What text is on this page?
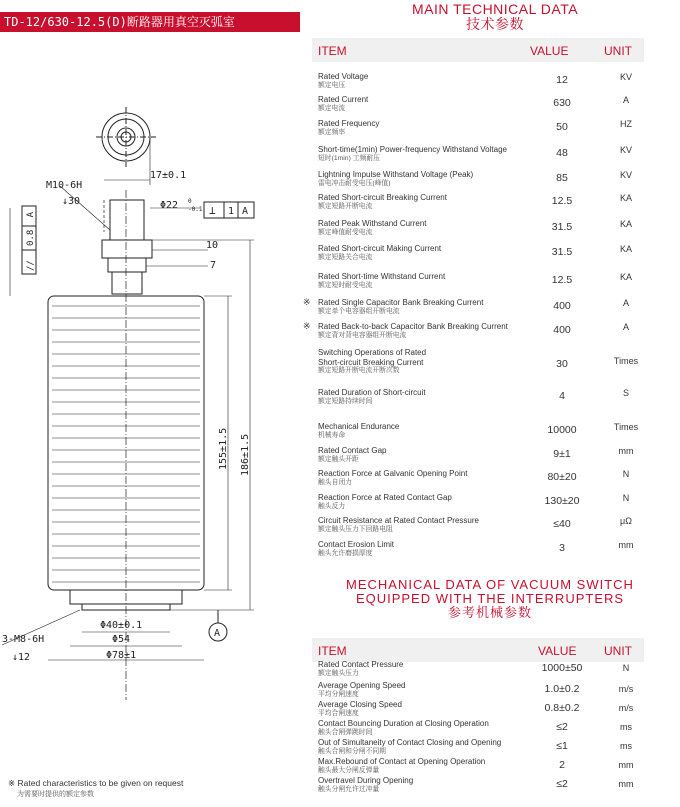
TD-12/630-12.5(D)断路器用真空灭弧室
M10-6H
↓30
17±0.1
Φ22 0
-0.1 ⊥ 1 A
A
0.8
//
10
7
155±1.5 186±1.5
Φ40±0.1
Φ54
Φ78±1
3-M8-6H
↓12
A
※ Rated characteristics to be given on request
为需要时提供的额定参数
MAIN TECHNICAL DATA
技术参数
ITEM	VALUE	UNIT
Rated Voltage
额定电压	12	KV
Rated Current
额定电流	630	A
Rated Frequency
额定频率	50	HZ
Short-time(1min) Power-frequency Withstand Voltage
短时(1min) 工频耐压	48	KV
Lightning Impulse Withstand Voltage (Peak)
雷电冲击耐受电压(峰值)	85	KV
Rated Short-circuit Breaking Current
额定短路开断电流	12.5	KA
Rated Peak Withstand Current
额定峰值耐受电流	31.5	KA
Rated Short-circuit Making Current
额定短路关合电流	31.5	KA
Rated Short-time Withstand Current
额定短时耐受电流	12.5	KA
※ Rated Single Capacitor Bank Breaking Current
额定单个电容器组开断电流	400	A
※ Rated Back-to-back Capacitor Bank Breaking Current
额定背对背电容器组开断电流	400	A
Switching Operations of Rated
Short-circuit Breaking Current
额定短路开断电流开断次数
30	Times
Rated Duration of Short-circuit
额定短路持续时间	4	S
Mechanical Endurance
机械寿命	10000	Times
Rated Contact Gap
额定触头开距	9±1	mm
Reaction Force at Galvanic Opening Point
触头自闭力	80±20	N
Reaction Force at Rated Contact Gap
触头反力	130±20	N
Circuit Resistance at Rated Contact Pressure
额定触头压力下回路电阻	≤40	μΩ
Contact Erosion Limit
触头允许磨损厚度	3	mm
MECHANICAL DATA OF VACUUM SWITCH
EQUIPPED WITH THE INTERRUPTERS
参考机械参数
ITEM	VALUE UNIT
Rated Contact Pressure
额定触头压力	1000±50	N
Average Opening Speed
平均分闸速度	1.0±0.2	m/s
Average Closing Speed
平均合闸速度	0.8±0.2	m/s
Contact Bouncing Duration at Closing Operation
触头合闸弹跳时间	≤2	ms
Out of Simultaneity of Contact Closing and Opening
触头合闸和分闸不同期	≤1	ms
Max.Rebound of Contact at Opening Operation
触头最大分闸反弹量	2	mm
Overtravel During Opening
触头分闸允许过冲量	≤2	mm
